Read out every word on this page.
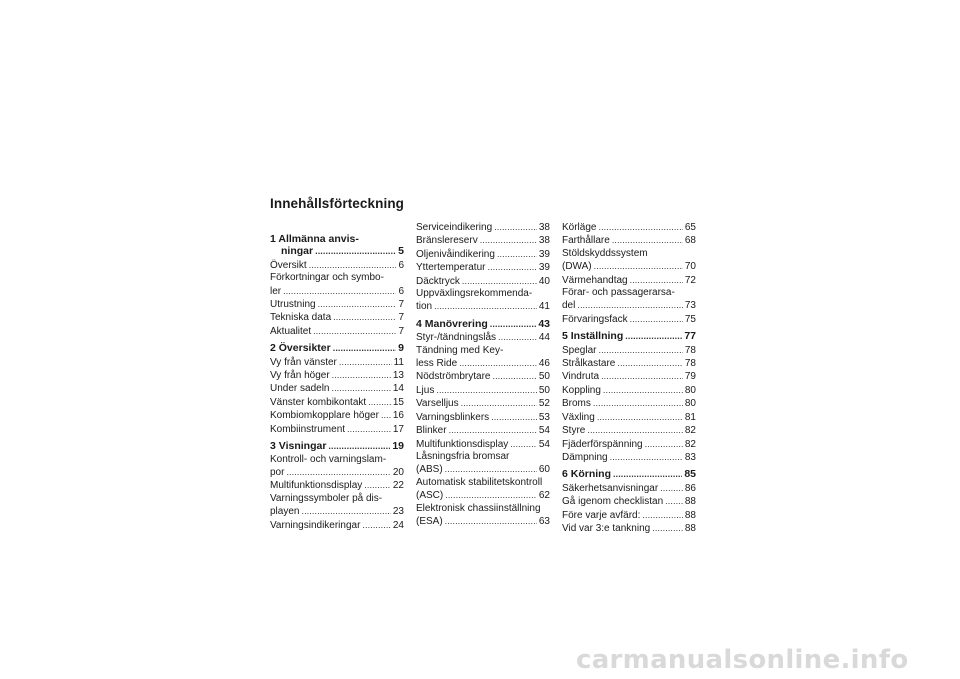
Innehållsförteckning
1 Allmänna anvis-
ningar . . .	5
Översikt . . .	6
Förkortningar och symbo-
ler . . .	6
Utrustning . . .	7
Tekniska data . . .	7
Aktualitet . . .	7
2 Översikter . . .	9
Vy från vänster . . .	11
Vy från höger . . .	13
Under sadeln . . .	14
Vänster kombikontakt . . .	15
Kombiomkopplare höger . . . 16
Kombiinstrument . . .	17
3 Visningar . . .	19
Kontroll- och varningslam-
por . . .	20
Multifunktionsdisplay . . .	22
Varningssymboler på dis-
playen . . .	23
Varningsindikeringar . . .	24
Serviceindikering . . .	38
Bränslereserv . . .	38
Oljenivåindikering . . .	39
Yttertemperatur . . .	39
Däcktryck . . .	40
Uppväxlingsrekommenda-
tion . . .	41
4 Manövrering . . .	43
Styr-/tändningslås . . .	44
Tändning med Key-
less Ride . . .	46
Nödströmbrytare . . .	50
Ljus . . .	50
Varselljus . . .	52
Varningsblinkers . . .	53
Blinker . . .	54
Multifunktionsdisplay . . .	54
Låsningsfria bromsar
(ABS) . . .	60
Automatisk stabilitetskontroll
(ASC) . . .	62
Elektronisk chassiinställning
(ESA) . . .	63
Körläge . . .	65
Farthållare . . .	68
Stöldskyddssystem
(DWA) . . .	70
Värmehandtag . . .	72
Förar- och passagerarsa-
del . . .	73
Förvaringsfack . . .	75
5 Inställning . . .	77
Speglar . . .	78
Strålkastare . . .	78
Vindruta . . .	79
Koppling . . .	80
Broms . . .	80
Växling . . .	81
Styre . . .	82
Fjäderförspänning . . .	82
Dämpning . . .	83
6 Körning . . .	85
Säkerhetsanvisningar . . .	86
Gå igenom checklistan . . . 88
Före varje avfärd: . . .	88
Vid var 3:e tankning . . .	88
carmanualsonline.info
